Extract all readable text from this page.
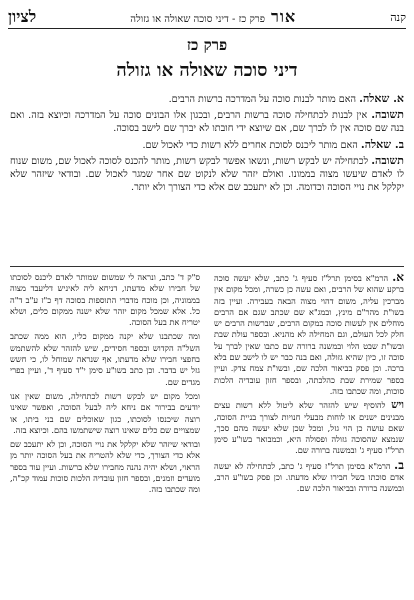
קנה
אור
פרק כז - דיני סוכה שאולה או גזולה
לציון
פרק כז
דיני סוכה שאולה או גזולה

א. שאלה. האם מותר לבנות סוכה על המדרכה ברשות הרבים.

תשובה. אין לבנות לכתחילה סוכה ברשות הרבים, ובכגון אלו הבונים סוכה על המדרכה וכיוצא בזה. ואם בנה שם סוכה אין לו לברך שם, אם שיוצא ידי חובתו לא יברך שם לישב בסוכה.

ב. שאלה. האם מותר ליכנס לסוכת אחרים ללא רשות כדי לאכול שם.

תשובה. לכתחילה יש לבקש רשות, ונשאו אפשר לבקש רשות, מותר להכנס לסוכה לאכול שם, משום שנוח לו לאדם שיעשו מצוה בממונו. ואולם יזהר שלא לנקוט שם אחר שמגר לאכול שם. ובודאי שיזהר שלא יקלקל את נויי הסוכה וכדומה. וכן לא יתעכב שם אלא כדי הצורך ולא יותר.

א. הרמ"א בסימן תרל"ז סעיף ג' כתב, שלא יעשה סוכה ברקע שהוא של הרבים, ואם עשה כן כשרה, ומכל מקום אין מברכין עליה, משום דהוי מצוה הבאה בעבירה. ועיין בזה בשו"ת מהר"ם מינץ, ובמג"א שם שכתב שגם אם הרבים מוחלים אין לעשות סוכה במקום הרבים, שברשות הרבים יש חלק לכל העולם, וגם המחילה לא מהניא. ובספר עולת שבת ובשו"ת שבט הלוי ובמשנה ברורה שם כתבו שאין לברך על סוכה זו, כיון שהיא גזולה, ואם בנה כבר יש לו לישב שם בלא ברכה. וכן פסק בביאור הלכה שם, ובשו"ת צמח צדק. ועיין בספר שמירת שבת כהלכתה, ובספר חזון עובדיה הלכות סוכות, ומה שכתבו בזה.

ויש להוסיף שיש להזהר שלא ליטול ללא רשות עצים מבנינים ישנים או לוחות מבעלי חנויות לצורך בניית הסוכה, שאם עושה כן הוי גזל, ומכל שכן שלא יעשה מהם סכך, שנמצא שהסוכה גזולה ופסולה היא, וכמבואר בשו"ע סימן תרל"ז סעיף ג' ובמשנה ברורה שם.

ב. הרמ"א בסימן תרל"ז סעיף ג' כתב, לכתחילה לא יעשה אדם סוכתו בשל חבירו שלא מדעתו. וכן פסק בשו"ע הרב, ובמשנה ברורה ובביאור הלכה שם.

ס"ק ד' כתב, ונראה לי שמשום שמותר לאדם ליכנס לסוכתו של חבירו שלא מדעתו, דניחא ליה לאיניש דליעבד מצוה בממוניה, וכן מוכח מדברי התוספות בסוכה דף כ"ז ע"ב ד"ה כל. אלא שמכל מקום יזהר שלא ישנה ממקום כלים, ושלא יטריח את בעל הסוכה.

ומה שכתבנו שלא יקנה ממקום כליו, הוא ממה שכתב השל"ה הקדוש ובספר חסידים, שיש להזהר שלא להשתמש בחפצי חבירו שלא מדעתו, אף שנראה שמוחל לו, כי חשש גזל יש בדבר. וכן כתב בשו"ע סימן י"ד סעיף ד', ועיין בפרי מגדים שם.

ומכל מקום יש לבקש רשות לכתחילה, משום שאין אנו יודעים בבירור אם ניחא ליה לבעל הסוכה, ואפשר שאינו רוצה שיכנסו לסוכתו, כגון שאוכלים שם בני ביתו, או שמצויים שם כלים שאינו רוצה שישתמשו בהם. וכיוצא בזה.

ובודאי שיזהר שלא יקלקל את נויי הסוכה, וכן לא יתעכב שם אלא כדי הצורך, כדי שלא להטריח את בעל הסוכה יותר מן הראוי, ושלא יהיה נהנה מחבירו שלא ברשות. ועיין עוד בספר מועדים וזמנים, ובספר חזון עובדיה הלכות סוכות עמוד קכ"ה, ומה שכתבו בזה.
